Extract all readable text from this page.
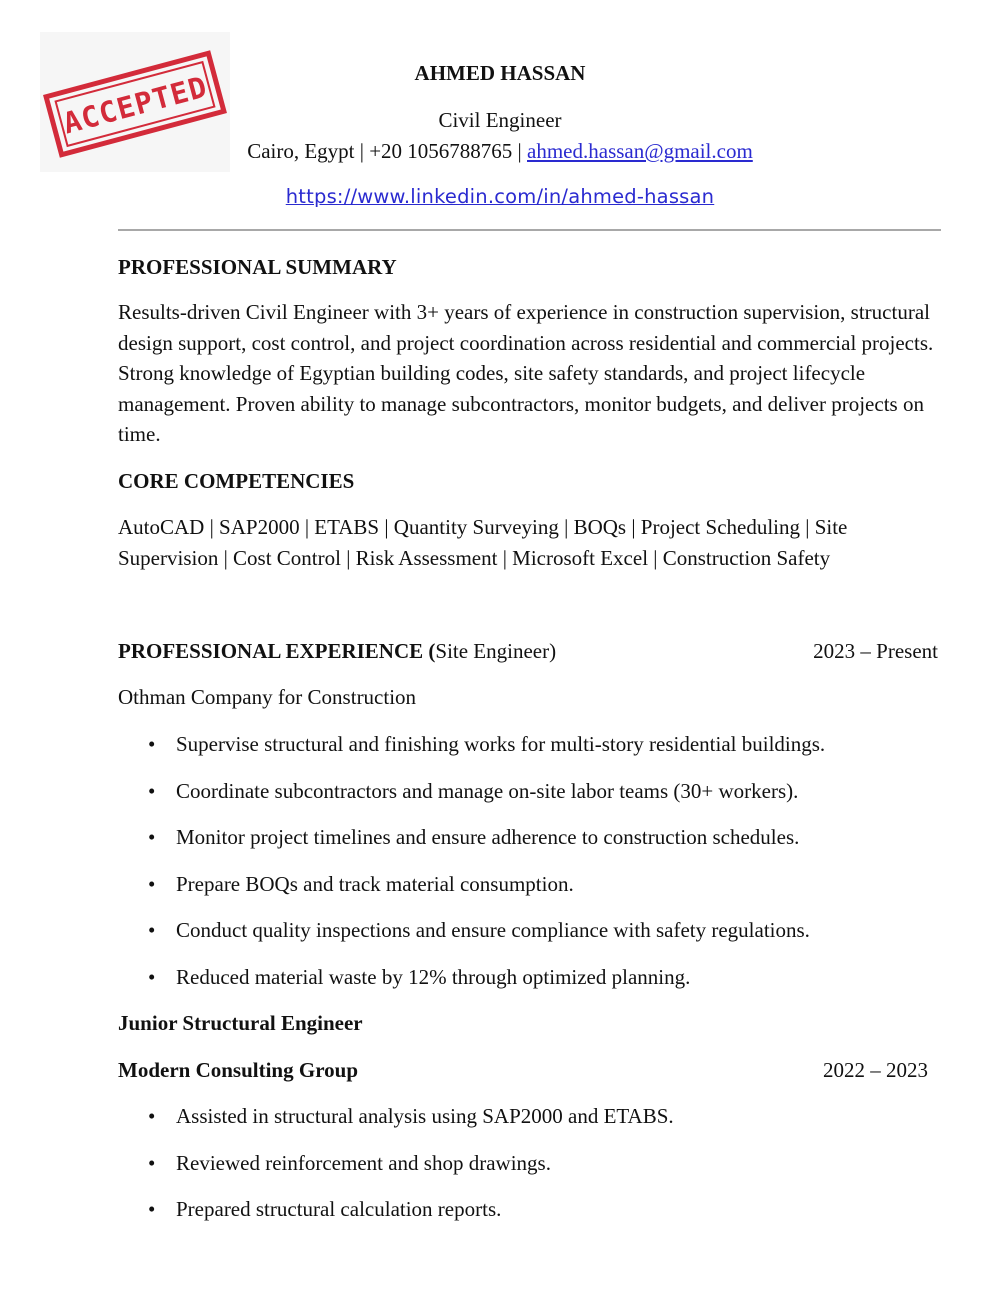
ACCEPTED	AHMED HASSAN
Civil Engineer
Cairo, Egypt | +20 1056788765 | ahmed.hassan@gmail.com
https://www.linkedin.com/in/ahmed-hassan
PROFESSIONAL SUMMARY
Results-driven Civil Engineer with 3+ years of experience in construction supervision, structural design support, cost control, and project coordination across residential and commercial projects. Strong knowledge of Egyptian building codes, site safety standards, and project lifecycle management. Proven ability to manage subcontractors, monitor budgets, and deliver projects on time.
CORE COMPETENCIES
AutoCAD | SAP2000 | ETABS | Quantity Surveying | BOQs | Project Scheduling | Site Supervision | Cost Control | Risk Assessment | Microsoft Excel | Construction Safety
PROFESSIONAL EXPERIENCE (Site Engineer)	2023 – Present
Othman Company for Construction
• Supervise structural and finishing works for multi-story residential buildings.
• Coordinate subcontractors and manage on-site labor teams (30+ workers).
• Monitor project timelines and ensure adherence to construction schedules.
• Prepare BOQs and track material consumption.
• Conduct quality inspections and ensure compliance with safety regulations.
• Reduced material waste by 12% through optimized planning.
Junior Structural Engineer
Modern Consulting Group	2022 – 2023
• Assisted in structural analysis using SAP2000 and ETABS.
• Reviewed reinforcement and shop drawings.
• Prepared structural calculation reports.
